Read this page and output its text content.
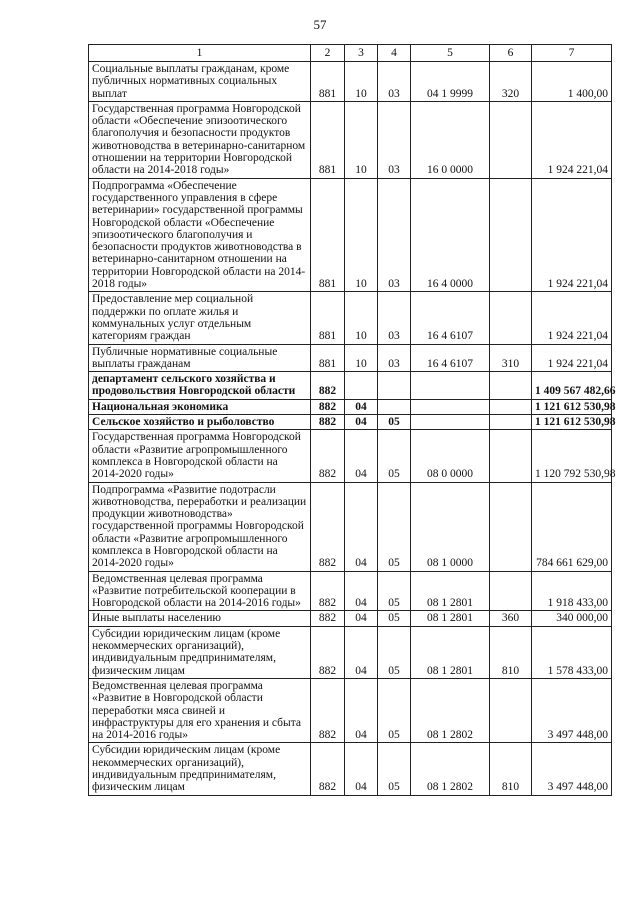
57
1	2	3	4	5	6	7
Социальные выплаты гражданам, кроме публичных нормативных социальных выплат	881	10	03	04 1 9999	320	1 400,00
Государственная программа Новгородской области «Обеспечение эпизоотического благополучия и безопасности продуктов животноводства в ветеринарно-санитарном отношении на территории Новгородской области на 2014-2018 годы»	881	10	03	16 0 0000		1 924 221,04
Подпрограмма «Обеспечение государственного управления в сфере ветеринарии» государственной программы Новгородской области «Обеспечение эпизоотического благополучия и безопасности продуктов животноводства в ветеринарно-санитарном отношении на территории Новгородской области на 2014-2018 годы»	881	10	03	16 4 0000		1 924 221,04
Предоставление мер социальной поддержки по оплате жилья и коммунальных услуг отдельным категориям граждан	881	10	03	16 4 6107		1 924 221,04
Публичные нормативные социальные выплаты гражданам	881	10	03	16 4 6107	310	1 924 221,04
департамент сельского хозяйства и продовольствия Новгородской области	882					1 409 567 482,66
Национальная экономика	882	04				1 121 612 530,98
Сельское хозяйство и рыболовство	882	04	05			1 121 612 530,98
Государственная программа Новгородской области «Развитие агропромышленного комплекса в Новгородской области на 2014-2020 годы»	882	04	05	08 0 0000		1 120 792 530,98
Подпрограмма «Развитие подотрасли животноводства, переработки и реализации продукции животноводства» государственной программы Новгородской области «Развитие агропромышленного комплекса в Новгородской области на 2014-2020 годы»	882	04	05	08 1 0000		784 661 629,00
Ведомственная целевая программа «Развитие потребительской кооперации в Новгородской области на 2014-2016 годы»	882	04	05	08 1 2801		1 918 433,00
Иные выплаты населению	882	04	05	08 1 2801	360	340 000,00
Субсидии юридическим лицам (кроме некоммерческих организаций), индивидуальным предпринимателям, физическим лицам	882	04	05	08 1 2801	810	1 578 433,00
Ведомственная целевая программа «Развитие в Новгородской области переработки мяса свиней и инфраструктуры для его хранения и сбыта на 2014-2016 годы»	882	04	05	08 1 2802		3 497 448,00
Субсидии юридическим лицам (кроме некоммерческих организаций), индивидуальным предпринимателям, физическим лицам	882	04	05	08 1 2802	810	3 497 448,00
